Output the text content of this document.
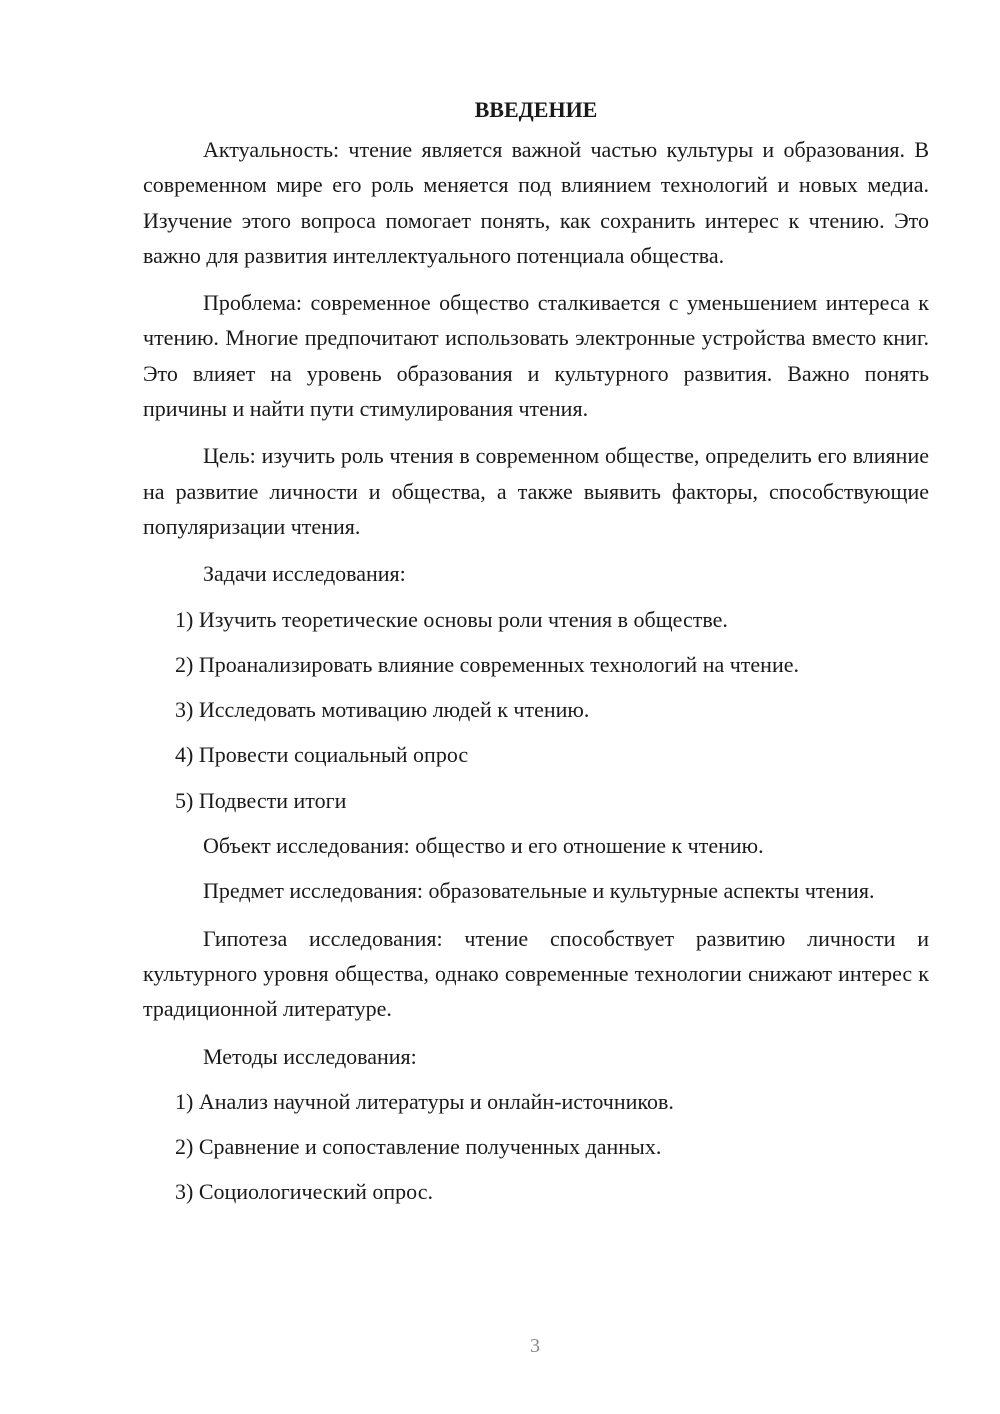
ВВЕДЕНИЕ

Актуальность: чтение является важной частью культуры и образования. В современном мире его роль меняется под влиянием технологий и новых медиа. Изучение этого вопроса помогает понять, как сохранить интерес к чтению. Это важно для развития интеллектуального потенциала общества.

Проблема: современное общество сталкивается с уменьшением интереса к чтению. Многие предпочитают использовать электронные устройства вместо книг. Это влияет на уровень образования и культурного развития. Важно понять причины и найти пути стимулирования чтения.

Цель: изучить роль чтения в современном обществе, определить его влияние на развитие личности и общества, а также выявить факторы, способствующие популяризации чтения.

Задачи исследования:

1) Изучить теоретические основы роли чтения в обществе.
2) Проанализировать влияние современных технологий на чтение.
3) Исследовать мотивацию людей к чтению.
4) Провести социальный опрос
5) Подвести итоги

Объект исследования: общество и его отношение к чтению.

Предмет исследования: образовательные и культурные аспекты чтения.

Гипотеза исследования: чтение способствует развитию личности и культурного уровня общества, однако современные технологии снижают интерес к традиционной литературе.

Методы исследования:

1) Анализ научной литературы и онлайн-источников.
2) Сравнение и сопоставление полученных данных.
3) Социологический опрос.
3
